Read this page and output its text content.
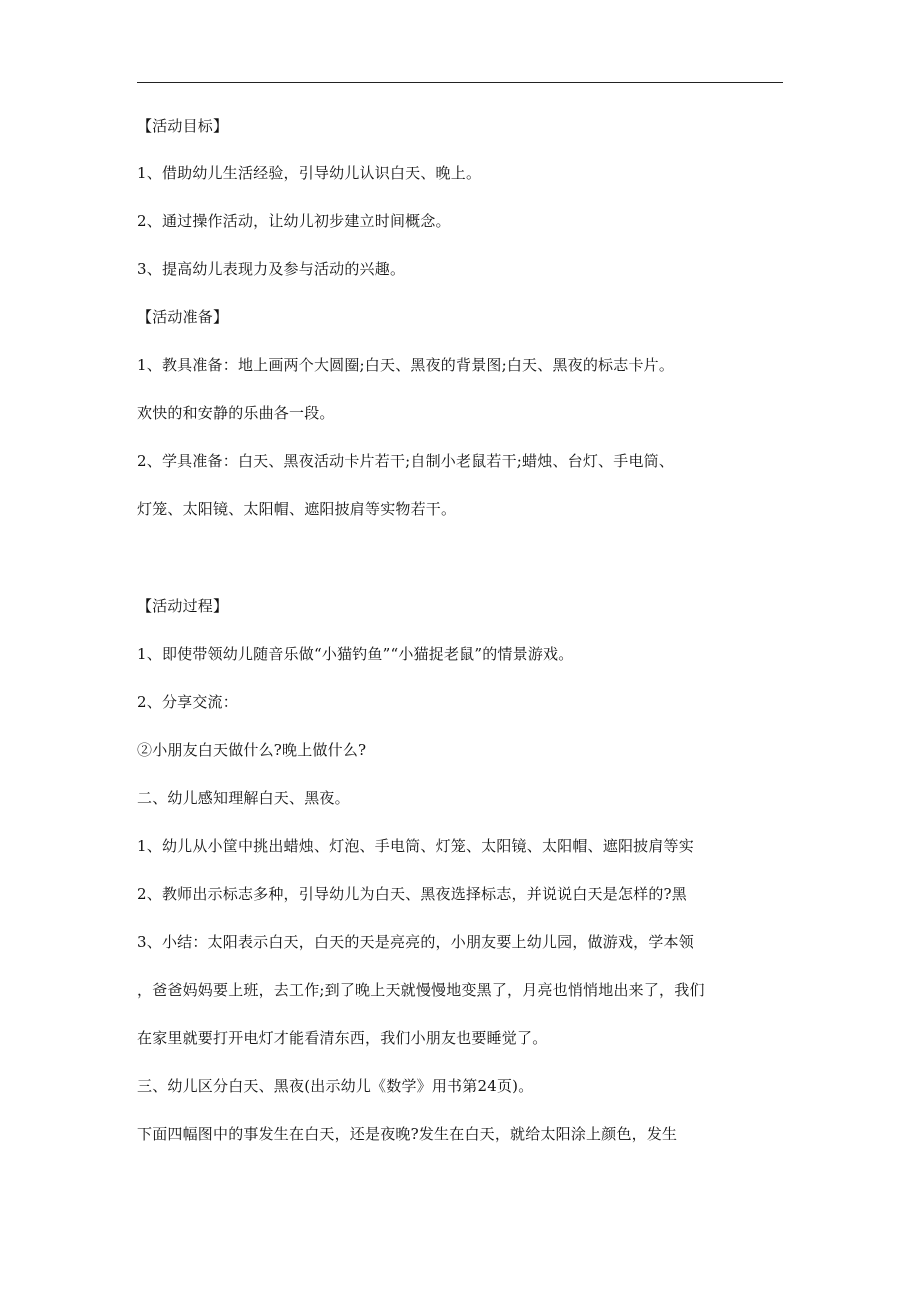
【活动目标】
1、借助幼儿生活经验，引导幼儿认识白天、晚上。
2、通过操作活动，让幼儿初步建立时间概念。
3、提高幼儿表现力及参与活动的兴趣。
【活动准备】
1、教具准备：地上画两个大圆圈;白天、黑夜的背景图;白天、黑夜的标志卡片。
欢快的和安静的乐曲各一段。
2、学具准备：白天、黑夜活动卡片若干;自制小老鼠若干;蜡烛、台灯、手电筒、
灯笼、太阳镜、太阳帽、遮阳披肩等实物若干。
【活动过程】
1、即使带领幼儿随音乐做“小猫钓鱼”“小猫捉老鼠”的情景游戏。
2、分享交流：
②小朋友白天做什么?晚上做什么?
二、幼儿感知理解白天、黑夜。
1、幼儿从小筐中挑出蜡烛、灯泡、手电筒、灯笼、太阳镜、太阳帽、遮阳披肩等实
2、教师出示标志多种，引导幼儿为白天、黑夜选择标志，并说说白天是怎样的?黑
3、小结：太阳表示白天，白天的天是亮亮的，小朋友要上幼儿园，做游戏，学本领
，爸爸妈妈要上班，去工作;到了晚上天就慢慢地变黑了，月亮也悄悄地出来了，我们
在家里就要打开电灯才能看清东西，我们小朋友也要睡觉了。
三、幼儿区分白天、黑夜(出示幼儿《数学》用书第24页)。
下面四幅图中的事发生在白天，还是夜晚?发生在白天，就给太阳涂上颜色，发生
